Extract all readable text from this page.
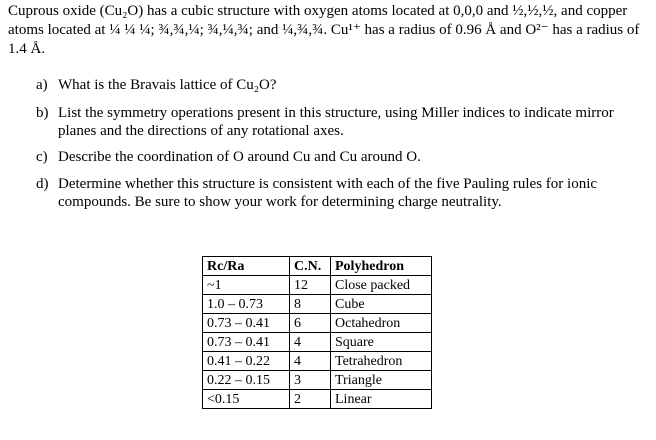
Cuprous oxide (Cu₂O) has a cubic structure with oxygen atoms located at 0,0,0 and ½,½,½, and copper atoms located at ¼ ¼ ¼; ¾,¾,¼; ¾,¼,¾; and ¼,¾,¾. Cu¹⁺ has a radius of 0.96 Å and O²⁻ has a radius of 1.4 Å.
a) What is the Bravais lattice of Cu₂O?
b) List the symmetry operations present in this structure, using Miller indices to indicate mirror planes and the directions of any rotational axes.
c) Describe the coordination of O around Cu and Cu around O.
d) Determine whether this structure is consistent with each of the five Pauling rules for ionic compounds. Be sure to show your work for determining charge neutrality.
Rc/Ra	C.N.	Polyhedron
~1	12	Close packed
1.0 – 0.73	8	Cube
0.73 – 0.41	6	Octahedron
0.73 – 0.41	4	Square
0.41 – 0.22	4	Tetrahedron
0.22 – 0.15	3	Triangle
<0.15	2	Linear
